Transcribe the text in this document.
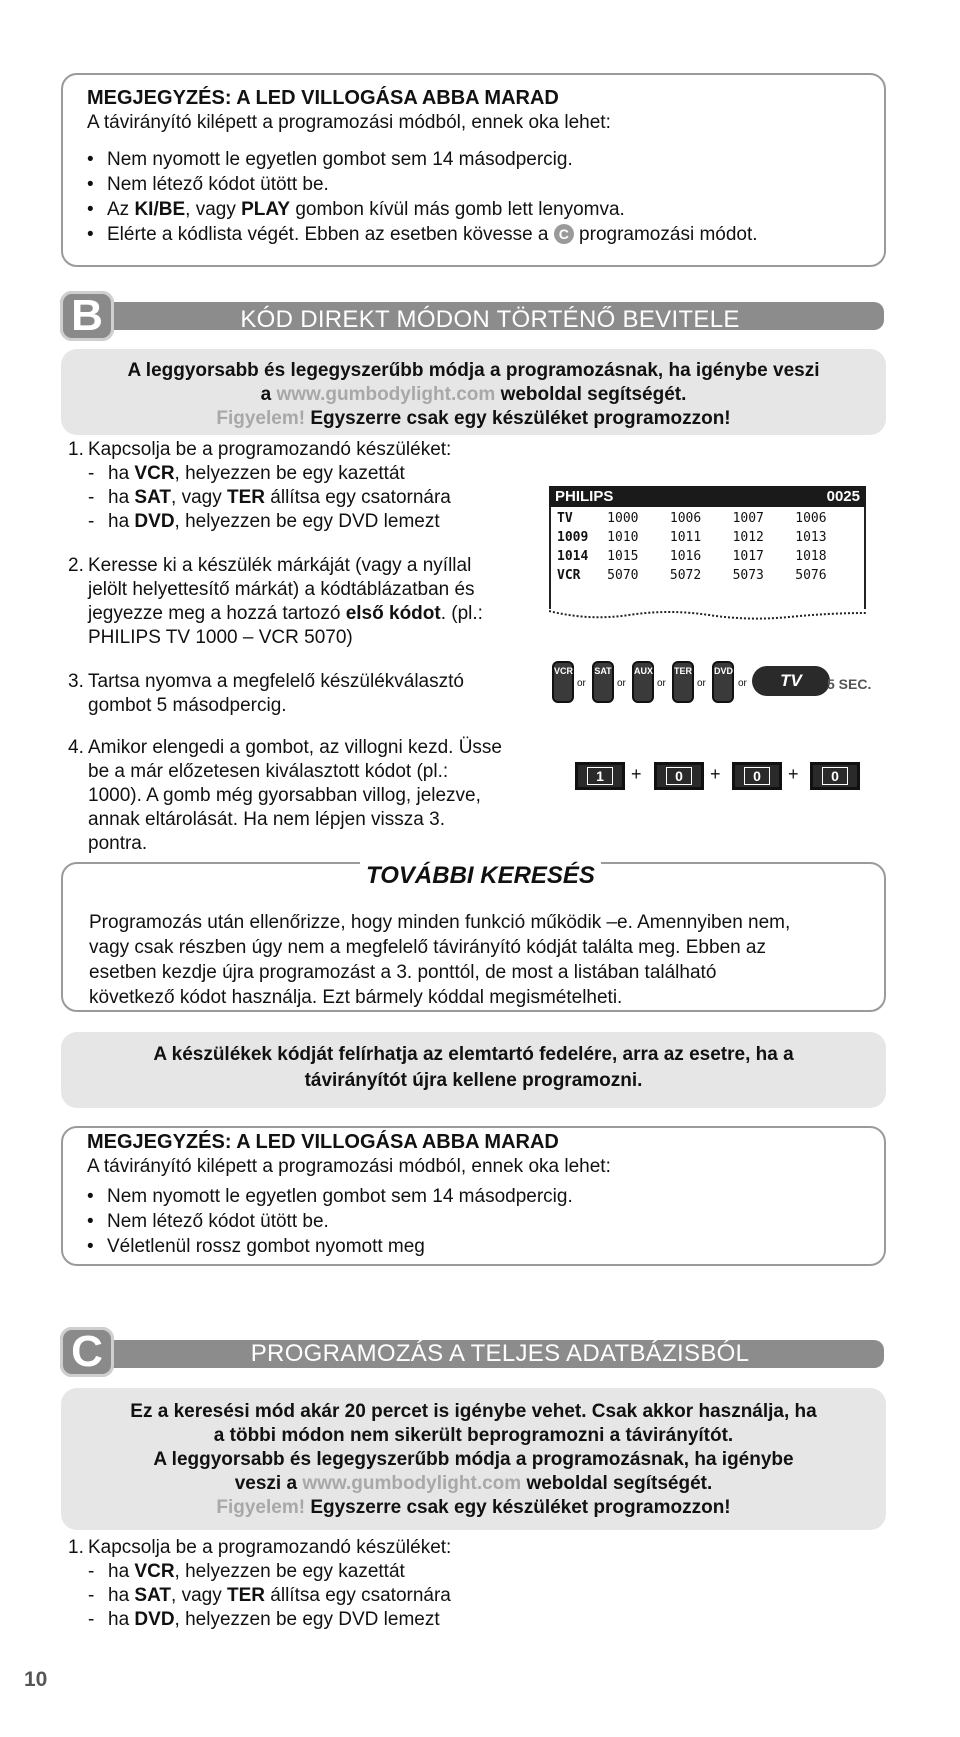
MEGJEGYZÉS: A LED VILLOGÁSA ABBA MARAD
A távirányító kilépett a programozási módból, ennek oka lehet:
• Nem nyomott le egyetlen gombot sem 14 másodpercig.
• Nem létező kódot ütött be.
• Az KI/BE, vagy PLAY gombon kívül más gomb lett lenyomva.
• Elérte a kódlista végét. Ebben az esetben kövesse a C programozási módot.
B	KÓD DIREKT MÓDON TÖRTÉNŐ BEVITELE
A leggyorsabb és legegyszerűbb módja a programozásnak, ha igénybe veszi
a www.gumbodylight.com weboldal segítségét.
Figyelem! Egyszerre csak egy készüléket programozzon!
1. Kapcsolja be a programozandó készüléket:
- ha VCR, helyezzen be egy kazettát
- ha SAT, vagy TER állítsa egy csatornára
- ha DVD, helyezzen be egy DVD lemezt
PHILIPS	0025
TV	1000	1006	1007	1006
1009	1010	1011	1012	1013
1014	1015	1016	1017	1018
VCR	5070	5072	5073	5076
2. Keresse ki a készülék márkáját (vagy a nyíllal
jelölt helyettesítő márkát) a kódtáblázatban és
jegyezze meg a hozzá tartozó első kódot. (pl.:
PHILIPS TV 1000 – VCR 5070)
3. Tartsa nyomva a megfelelő készülékválasztó
gombot 5 másodpercig.
VCR
or
SAT
or
AUX
or
TER
or
DVD
or	TV	5 SEC.
4. Amikor elengedi a gombot, az villogni kezd. Üsse
be a már előzetesen kiválasztott kódot (pl.:
1000). A gomb még gyorsabban villog, jelezve,
annak eltárolását. Ha nem lépjen vissza 3.
pontra.
1	+	0	+	0	+	0
Programozás után ellenőrizze, hogy minden funkció működik –e. Amennyiben nem,
vagy csak részben úgy nem a megfelelő távirányító kódját találta meg. Ebben az
esetben kezdje újra programozást a 3. ponttól, de most a listában található
következő kódot használja. Ezt bármely kóddal megismételheti.
TOVÁBBI KERESÉS
A készülékek kódját felírhatja az elemtartó fedelére, arra az esetre, ha a
távirányítót újra kellene programozni.
MEGJEGYZÉS: A LED VILLOGÁSA ABBA MARAD
A távirányító kilépett a programozási módból, ennek oka lehet:
• Nem nyomott le egyetlen gombot sem 14 másodpercig.
• Nem létező kódot ütött be.
• Véletlenül rossz gombot nyomott meg
C	PROGRAMOZÁS A TELJES ADATBÁZISBÓL
Ez a keresési mód akár 20 percet is igénybe vehet. Csak akkor használja, ha
a többi módon nem sikerült beprogramozni a távirányítót.
A leggyorsabb és legegyszerűbb módja a programozásnak, ha igénybe
veszi a www.gumbodylight.com weboldal segítségét.
Figyelem! Egyszerre csak egy készüléket programozzon!
1. Kapcsolja be a programozandó készüléket:
- ha VCR, helyezzen be egy kazettát
- ha SAT, vagy TER állítsa egy csatornára
- ha DVD, helyezzen be egy DVD lemezt
10
